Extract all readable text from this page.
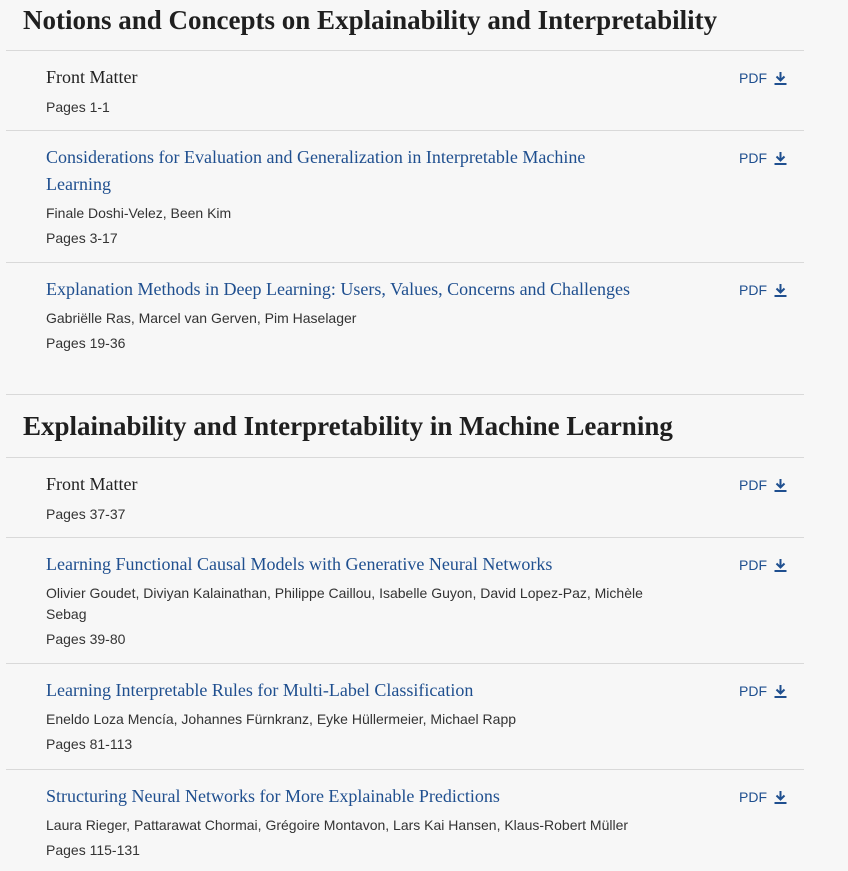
Notions and Concepts on Explainability and Interpretability
Front Matter
Pages 1-1
PDF
Considerations for Evaluation and Generalization in Interpretable Machine Learning
Finale Doshi-Velez, Been Kim
Pages 3-17
PDF
Explanation Methods in Deep Learning: Users, Values, Concerns and Challenges
Gabriëlle Ras, Marcel van Gerven, Pim Haselager
Pages 19-36
PDF
Explainability and Interpretability in Machine Learning
Front Matter
Pages 37-37
PDF
Learning Functional Causal Models with Generative Neural Networks
Olivier Goudet, Diviyan Kalainathan, Philippe Caillou, Isabelle Guyon, David Lopez-Paz, Michèle Sebag
Pages 39-80
PDF
Learning Interpretable Rules for Multi-Label Classification
Eneldo Loza Mencía, Johannes Fürnkranz, Eyke Hüllermeier, Michael Rapp
Pages 81-113
PDF
Structuring Neural Networks for More Explainable Predictions
Laura Rieger, Pattarawat Chormai, Grégoire Montavon, Lars Kai Hansen, Klaus-Robert Müller
Pages 115-131
PDF
